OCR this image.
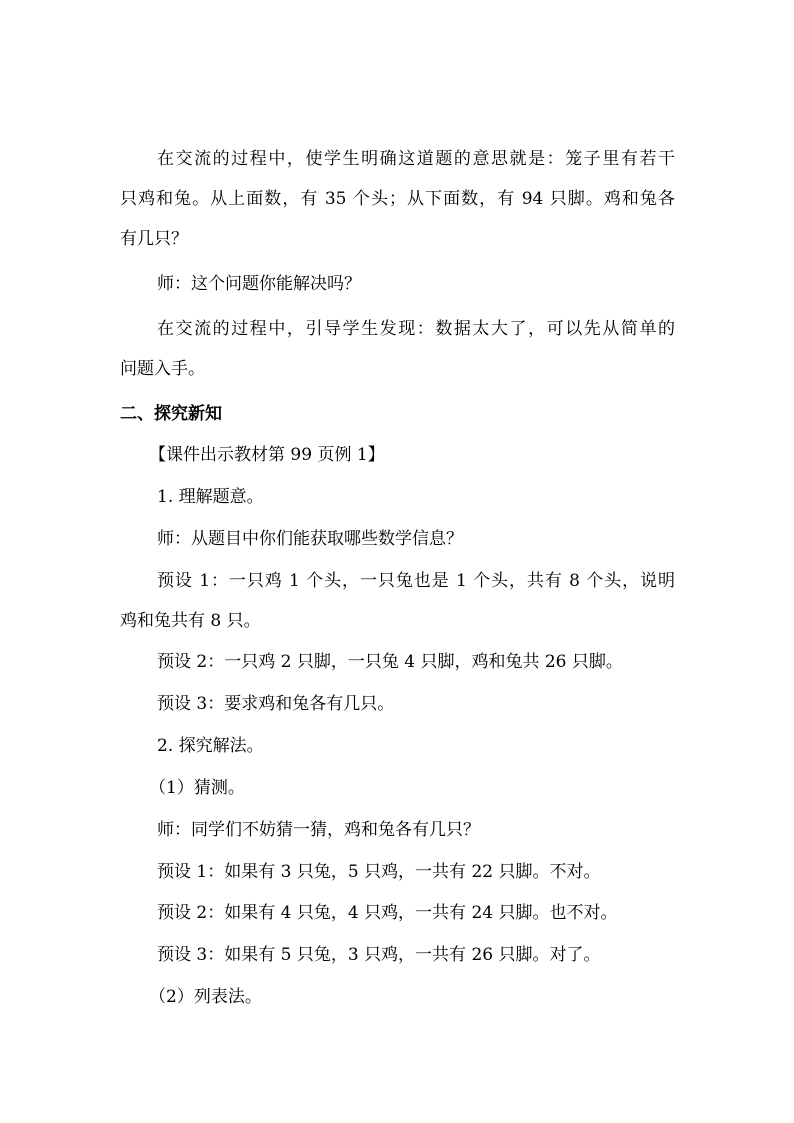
在交流的过程中，使学生明确这道题的意思就是：笼子里有若干
只鸡和兔。从上面数，有 35 个头；从下面数，有 94 只脚。鸡和兔各
有几只？
师：这个问题你能解决吗？
在交流的过程中，引导学生发现：数据太大了，可以先从简单的
问题入手。
二、探究新知
【课件出示教材第 99 页例 1】
1. 理解题意。
师：从题目中你们能获取哪些数学信息？
预设 1：一只鸡 1 个头，一只兔也是 1 个头，共有 8 个头，说明
鸡和兔共有 8 只。
预设 2：一只鸡 2 只脚，一只兔 4 只脚，鸡和兔共 26 只脚。
预设 3：要求鸡和兔各有几只。
2. 探究解法。
（1）猜测。
师：同学们不妨猜一猜，鸡和兔各有几只？
预设 1：如果有 3 只兔，5 只鸡，一共有 22 只脚。不对。
预设 2：如果有 4 只兔，4 只鸡，一共有 24 只脚。也不对。
预设 3：如果有 5 只兔，3 只鸡，一共有 26 只脚。对了。
（2）列表法。
